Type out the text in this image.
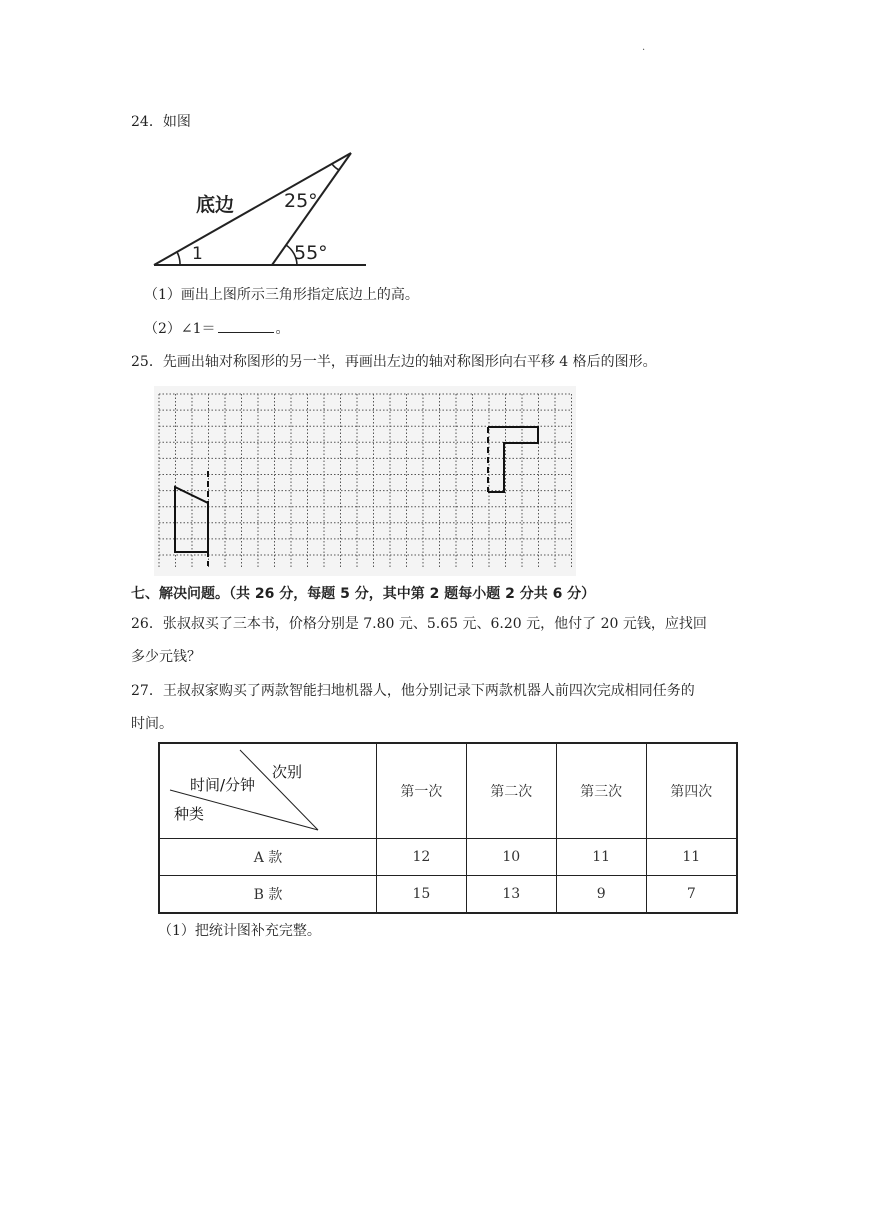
.
24．如图
底边	25°
1	55°
（1）画出上图所示三角形指定底边上的高。
（2）∠1＝	。
25．先画出轴对称图形的另一半，再画出左边的轴对称图形向右平移 4 格后的图形。
七、解决问题。（共 26 分，每题 5 分，其中第 2 题每小题 2 分共 6 分）
26．张叔叔买了三本书，价格分别是 7.80 元、5.65 元、6.20 元，他付了 20 元钱，应找回
多少元钱？
27．王叔叔家购买了两款智能扫地机器人，他分别记录下两款机器人前四次完成相同任务的
时间。
次别
时间/分钟
种类	第一次	第二次	第三次	第四次
A 款	12	10	11	11
B 款	15	13	9	7
（1）把统计图补充完整。
